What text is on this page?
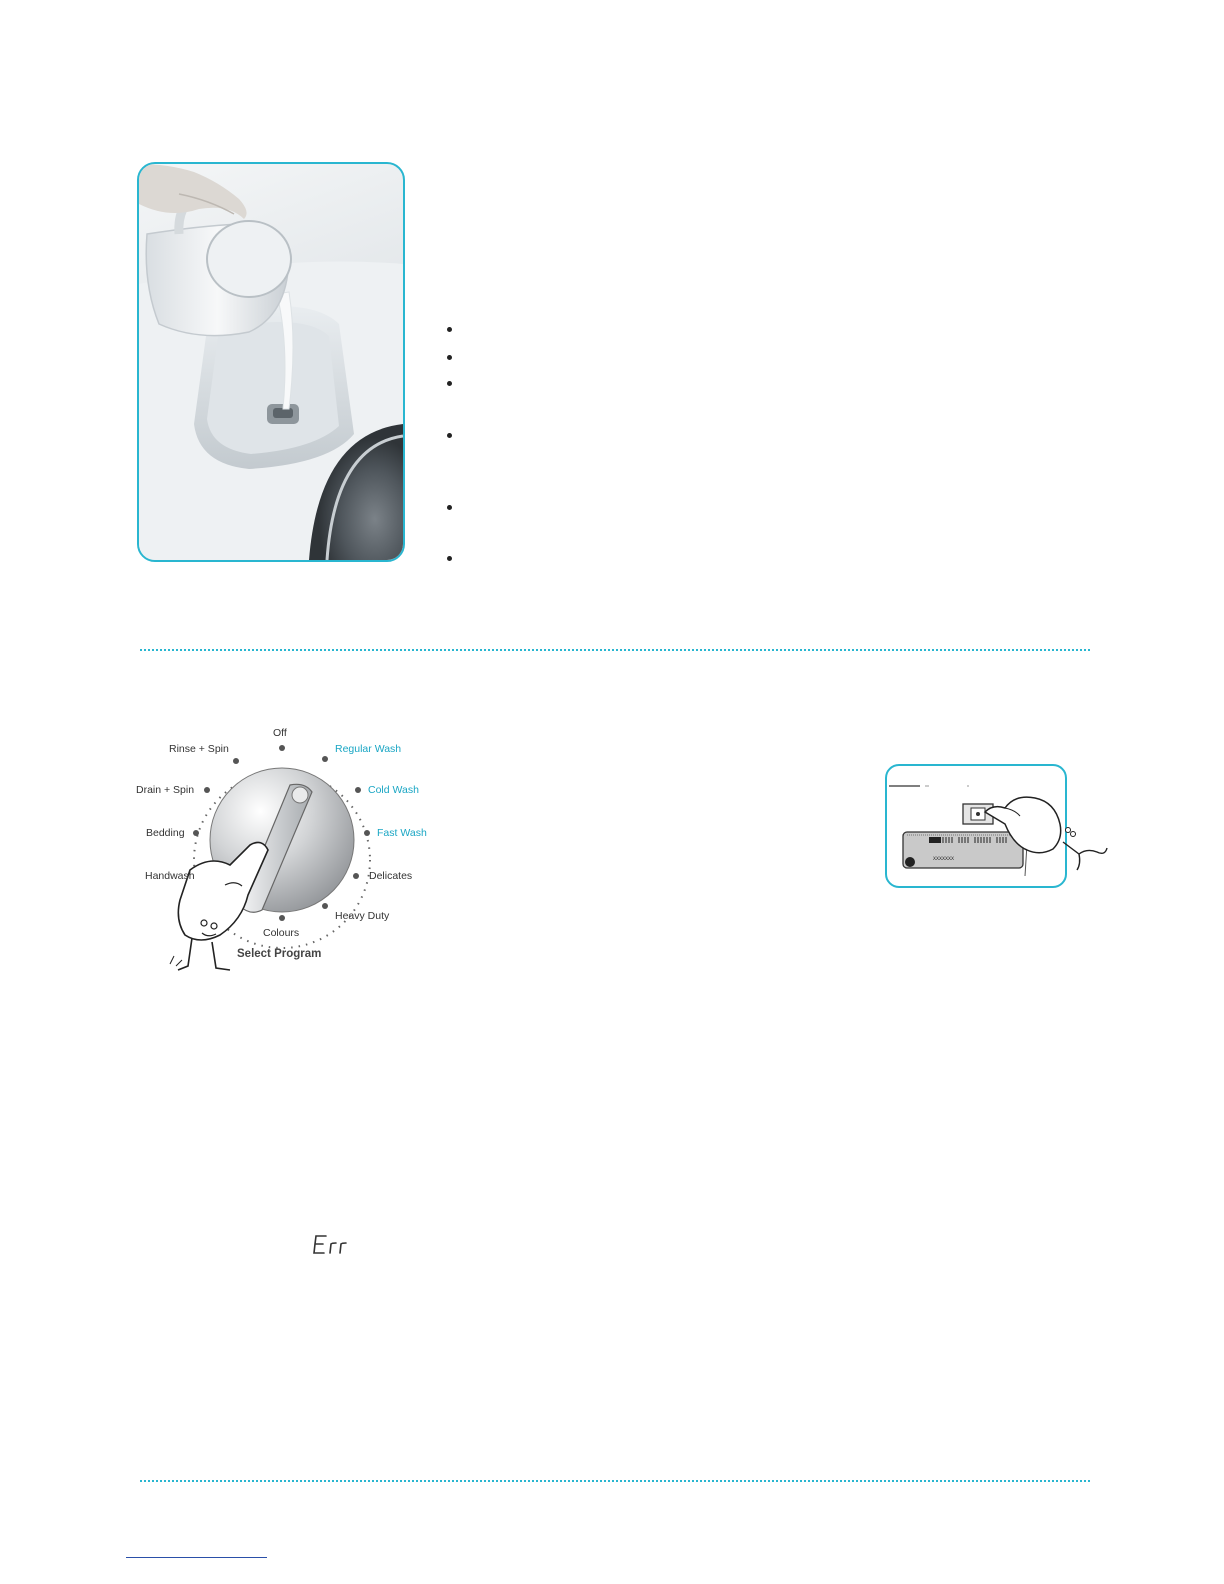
Off
Regular Wash
Cold Wash
Fast Wash
Delicates
Heavy Duty
Colours
Handwash
Bedding
Drain + Spin
Rinse + Spin
Select Program
XXXXXXX
